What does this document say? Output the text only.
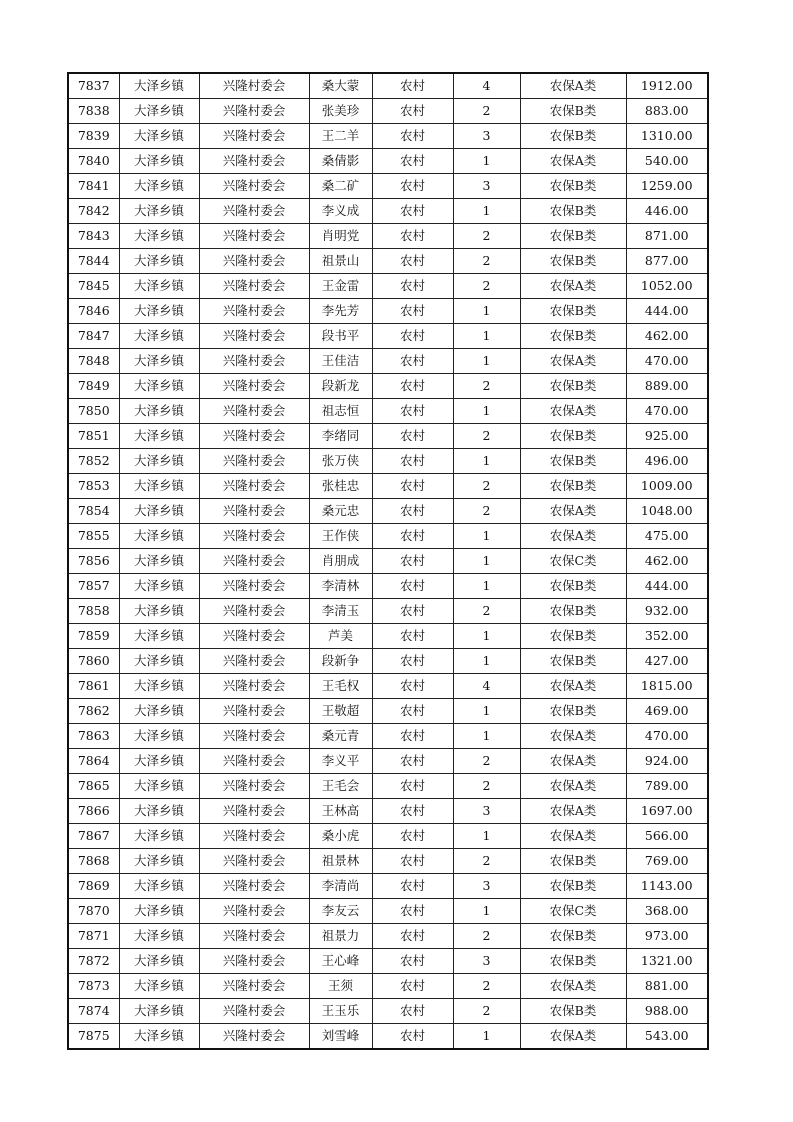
7837	大泽乡镇	兴隆村委会	桑大蒙	农村	4	农保A类	1912.00
7838	大泽乡镇	兴隆村委会	张美珍	农村	2	农保B类	883.00
7839	大泽乡镇	兴隆村委会	王二羊	农村	3	农保B类	1310.00
7840	大泽乡镇	兴隆村委会	桑倩影	农村	1	农保A类	540.00
7841	大泽乡镇	兴隆村委会	桑二矿	农村	3	农保B类	1259.00
7842	大泽乡镇	兴隆村委会	李义成	农村	1	农保B类	446.00
7843	大泽乡镇	兴隆村委会	肖明党	农村	2	农保B类	871.00
7844	大泽乡镇	兴隆村委会	祖景山	农村	2	农保B类	877.00
7845	大泽乡镇	兴隆村委会	王金雷	农村	2	农保A类	1052.00
7846	大泽乡镇	兴隆村委会	李先芳	农村	1	农保B类	444.00
7847	大泽乡镇	兴隆村委会	段书平	农村	1	农保B类	462.00
7848	大泽乡镇	兴隆村委会	王佳洁	农村	1	农保A类	470.00
7849	大泽乡镇	兴隆村委会	段新龙	农村	2	农保B类	889.00
7850	大泽乡镇	兴隆村委会	祖志恒	农村	1	农保A类	470.00
7851	大泽乡镇	兴隆村委会	李绪同	农村	2	农保B类	925.00
7852	大泽乡镇	兴隆村委会	张万侠	农村	1	农保B类	496.00
7853	大泽乡镇	兴隆村委会	张桂忠	农村	2	农保B类	1009.00
7854	大泽乡镇	兴隆村委会	桑元忠	农村	2	农保A类	1048.00
7855	大泽乡镇	兴隆村委会	王作侠	农村	1	农保A类	475.00
7856	大泽乡镇	兴隆村委会	肖朋成	农村	1	农保C类	462.00
7857	大泽乡镇	兴隆村委会	李清林	农村	1	农保B类	444.00
7858	大泽乡镇	兴隆村委会	李清玉	农村	2	农保B类	932.00
7859	大泽乡镇	兴隆村委会	芦美	农村	1	农保B类	352.00
7860	大泽乡镇	兴隆村委会	段新争	农村	1	农保B类	427.00
7861	大泽乡镇	兴隆村委会	王毛权	农村	4	农保A类	1815.00
7862	大泽乡镇	兴隆村委会	王敬超	农村	1	农保B类	469.00
7863	大泽乡镇	兴隆村委会	桑元青	农村	1	农保A类	470.00
7864	大泽乡镇	兴隆村委会	李义平	农村	2	农保A类	924.00
7865	大泽乡镇	兴隆村委会	王毛会	农村	2	农保A类	789.00
7866	大泽乡镇	兴隆村委会	王林高	农村	3	农保A类	1697.00
7867	大泽乡镇	兴隆村委会	桑小虎	农村	1	农保A类	566.00
7868	大泽乡镇	兴隆村委会	祖景林	农村	2	农保B类	769.00
7869	大泽乡镇	兴隆村委会	李清尚	农村	3	农保B类	1143.00
7870	大泽乡镇	兴隆村委会	李友云	农村	1	农保C类	368.00
7871	大泽乡镇	兴隆村委会	祖景力	农村	2	农保B类	973.00
7872	大泽乡镇	兴隆村委会	王心峰	农村	3	农保B类	1321.00
7873	大泽乡镇	兴隆村委会	王须	农村	2	农保A类	881.00
7874	大泽乡镇	兴隆村委会	王玉乐	农村	2	农保B类	988.00
7875	大泽乡镇	兴隆村委会	刘雪峰	农村	1	农保A类	543.00
